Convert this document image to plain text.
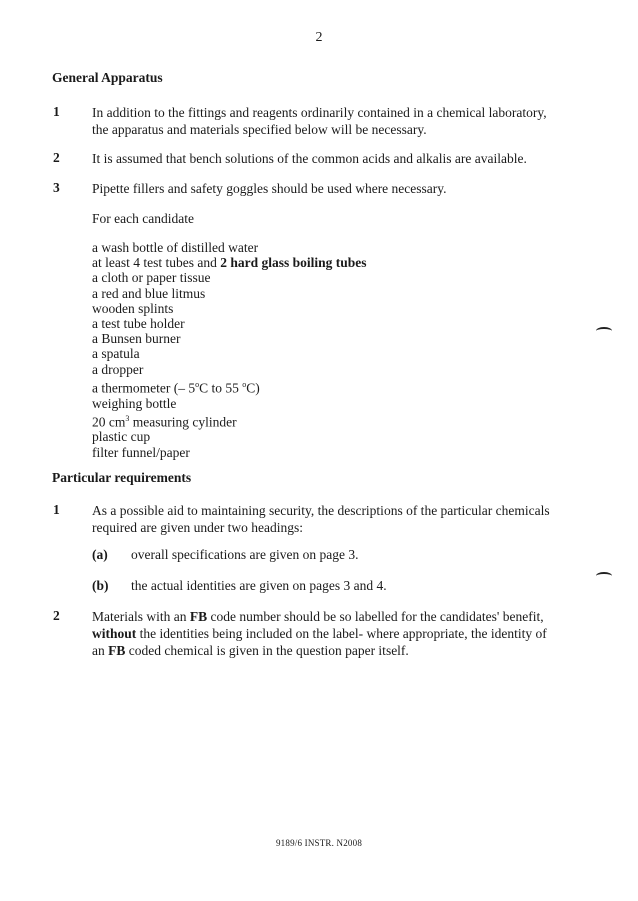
2
General Apparatus
1 In addition to the fittings and reagents ordinarily contained in a chemical laboratory, the apparatus and materials specified below will be necessary.
2 It is assumed that bench solutions of the common acids and alkalis are available.
3 Pipette fillers and safety goggles should be used where necessary.
For each candidate
a wash bottle of distilled water
at least 4 test tubes and 2 hard glass boiling tubes
a cloth or paper tissue
a red and blue litmus
wooden splints
a test tube holder
a Bunsen burner
a spatula
a dropper
a thermometer (– 5$^o$C to 55 $^o$C)
weighing bottle
20 $cm^3$ measuring cylinder
plastic cup
filter funnel/paper
Particular requirements
1 As a possible aid to maintaining security, the descriptions of the particular chemicals required are given under two headings:
(a) overall specifications are given on page 3.
(b) the actual identities are given on pages 3 and 4.
2 Materials with an FB code number should be so labelled for the candidates' benefit, without the identities being included on the label- where appropriate, the identity of an FB coded chemical is given in the question paper itself.
9189/6 INSTR. N2008
